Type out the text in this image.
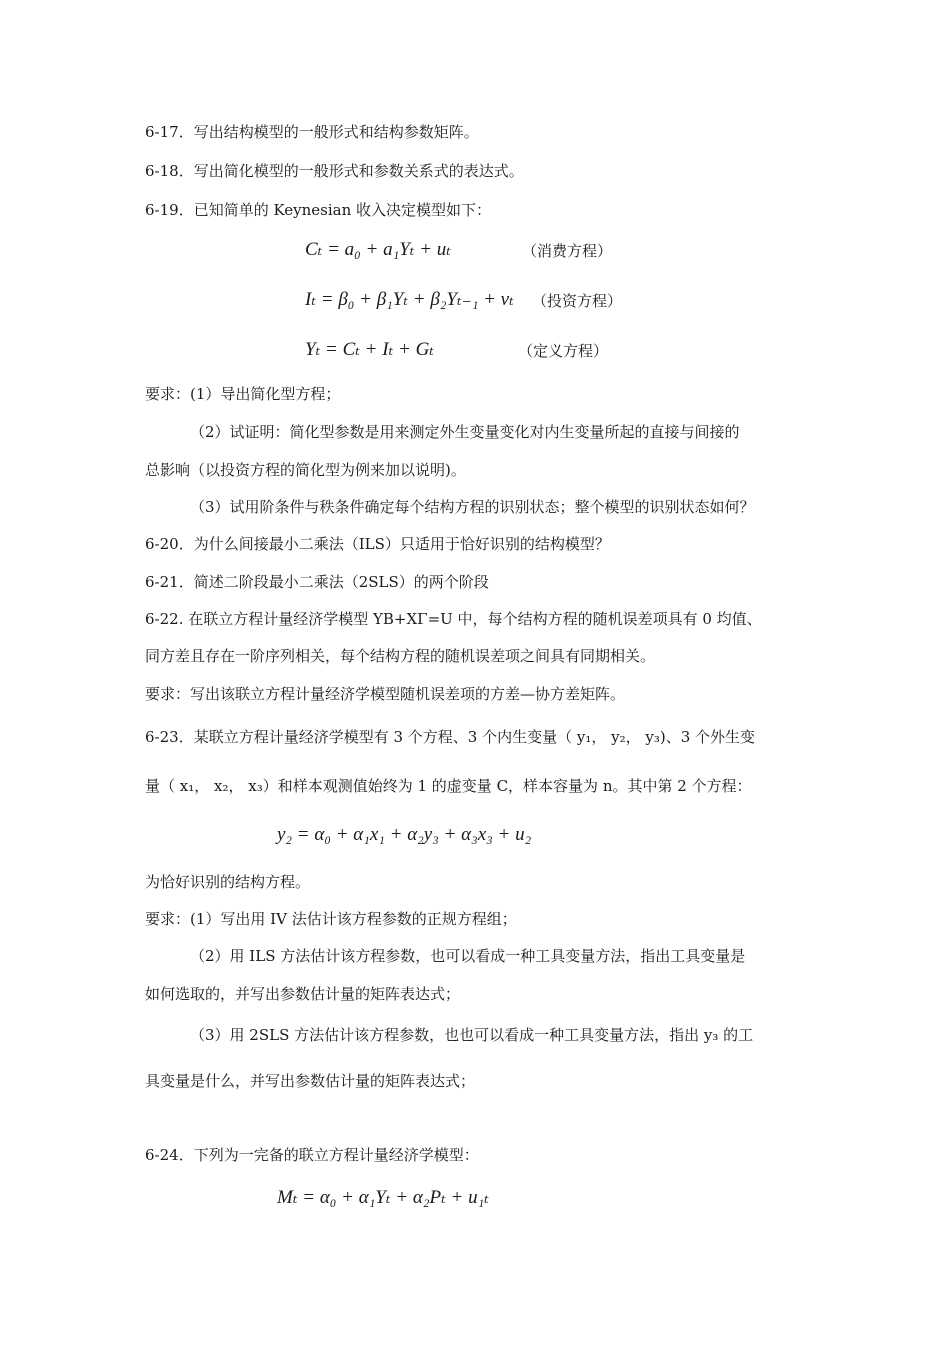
6-17．写出结构模型的一般形式和结构参数矩阵。
6-18．写出简化模型的一般形式和参数关系式的表达式。
6-19．已知简单的 Keynesian 收入决定模型如下：
Cₜ = a₀ + a₁Yₜ + uₜ	（消费方程）
Iₜ = β₀ + β₁Yₜ + β₂Yₜ₋₁ + vₜ （投资方程）
Yₜ = Cₜ + Iₜ + Gₜ	（定义方程）
要求：(1）导出简化型方程；
（2）试证明：简化型参数是用来测定外生变量变化对内生变量所起的直接与间接的
总影响（以投资方程的简化型为例来加以说明)。
（3）试用阶条件与秩条件确定每个结构方程的识别状态；整个模型的识别状态如何？
6-20．为什么间接最小二乘法（ILS）只适用于恰好识别的结构模型？
6-21．简述二阶段最小二乘法（2SLS）的两个阶段
6-22. 在联立方程计量经济学模型 YΒ+XΓ=U 中，每个结构方程的随机误差项具有 0 均值、
同方差且存在一阶序列相关，每个结构方程的随机误差项之间具有同期相关。
要求：写出该联立方程计量经济学模型随机误差项的方差—协方差矩阵。
6-23．某联立方程计量经济学模型有 3 个方程、3 个内生变量（ y₁， y₂， y₃)、3 个外生变
量（ x₁， x₂， x₃）和样本观测值始终为 1 的虚变量 C，样本容量为 n。其中第 2 个方程：
y₂ = α₀ + α₁x₁ + α₂y₃ + α₃x₃ + u₂
为恰好识别的结构方程。
要求：(1）写出用 IV 法估计该方程参数的正规方程组；
（2）用 ILS 方法估计该方程参数，也可以看成一种工具变量方法，指出工具变量是
如何选取的，并写出参数估计量的矩阵表达式；
（3）用 2SLS 方法估计该方程参数，也也可以看成一种工具变量方法，指出 y₃ 的工
具变量是什么，并写出参数估计量的矩阵表达式；
6-24．下列为一完备的联立方程计量经济学模型：
Mₜ = α₀ + α₁Yₜ + α₂Pₜ + u₁ₜ
